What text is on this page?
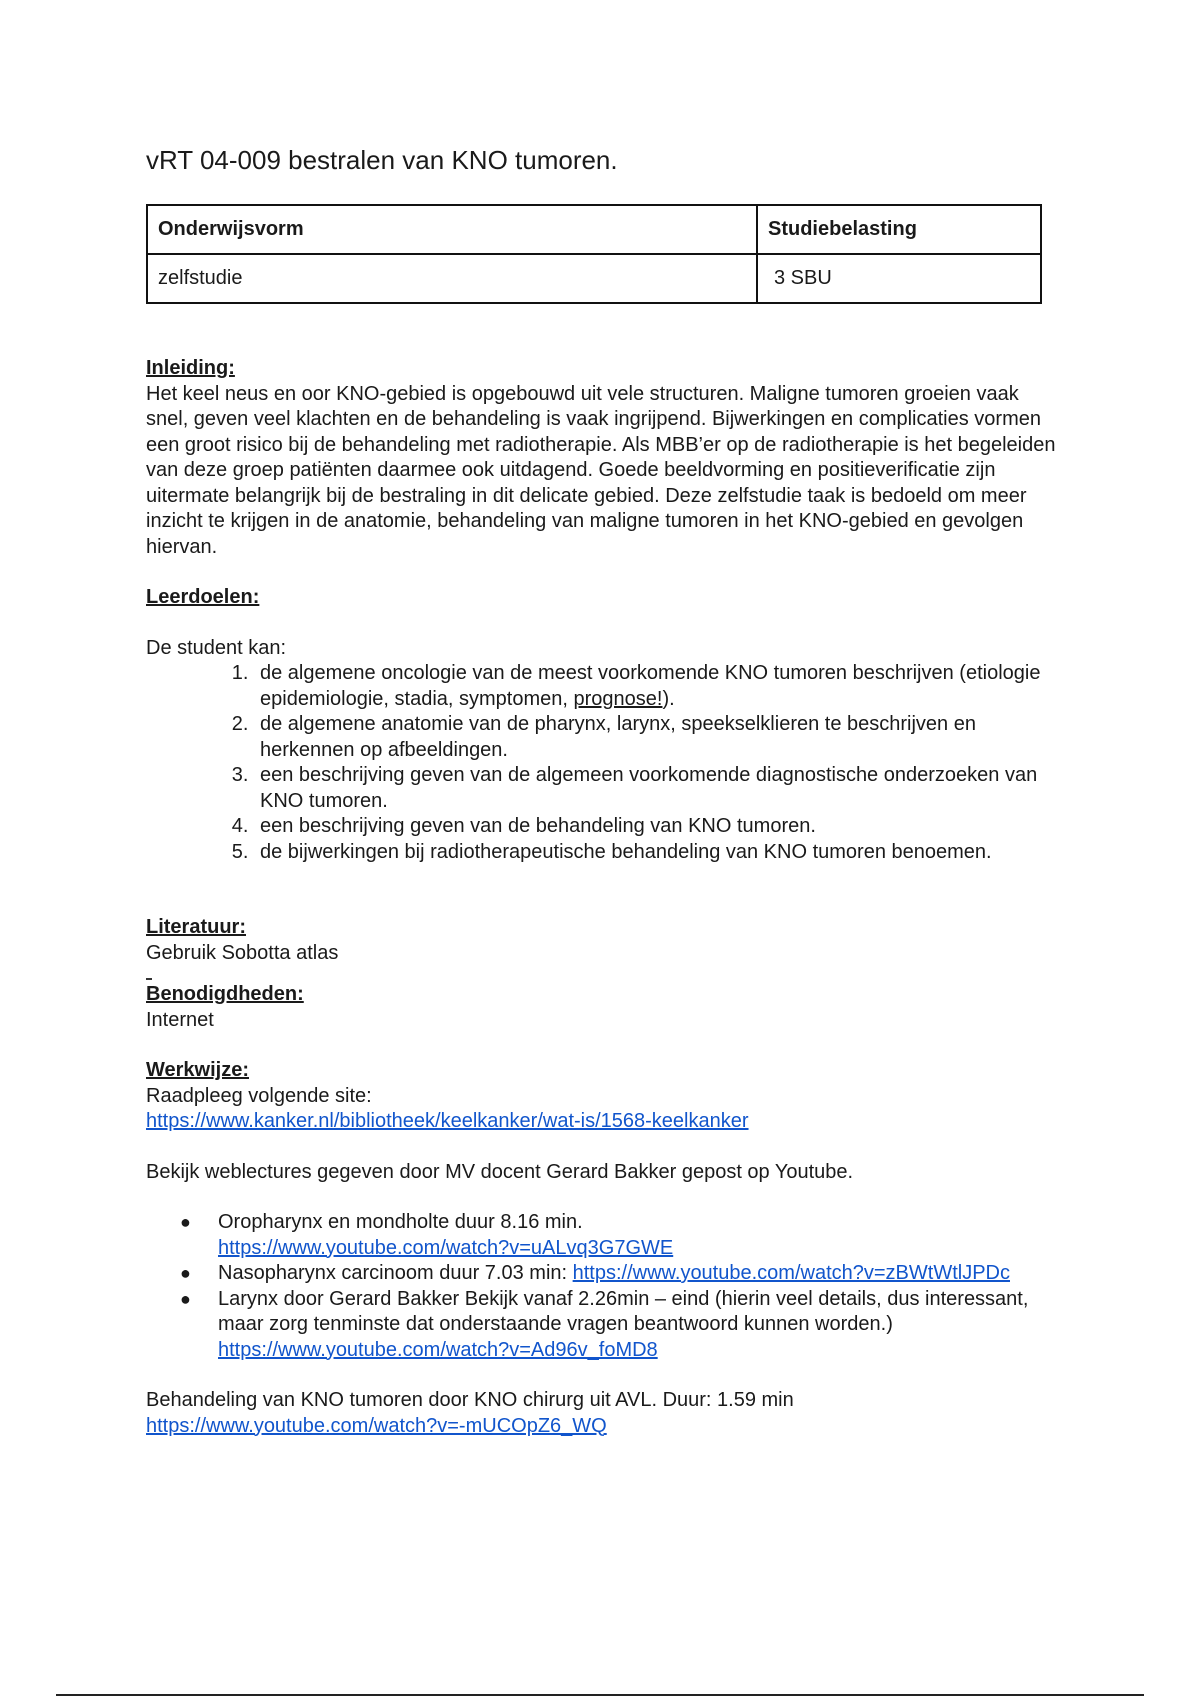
vRT 04-009 bestralen van KNO tumoren.
Onderwijsvorm	Studiebelasting
zelfstudie	3 SBU
Inleiding:

Het keel neus en oor KNO-gebied is opgebouwd uit vele structuren. Maligne tumoren groeien vaak snel, geven veel klachten en de behandeling is vaak ingrijpend. Bijwerkingen en complicaties vormen een groot risico bij de behandeling met radiotherapie. Als MBB’er op de radiotherapie is het begeleiden van deze groep patiënten daarmee ook uitdagend. Goede beeldvorming en positieverificatie zijn uitermate belangrijk bij de bestraling in dit delicate gebied. Deze zelfstudie taak is bedoeld om meer inzicht te krijgen in de anatomie, behandeling van maligne tumoren in het KNO-gebied en gevolgen hiervan.

Leerdoelen:

De student kan:

1. de algemene oncologie van de meest voorkomende KNO tumoren beschrijven (etiologie epidemiologie, stadia, symptomen, prognose!).
2. de algemene anatomie van de pharynx, larynx, speekselklieren te beschrijven en herkennen op afbeeldingen.
3. een beschrijving geven van de algemeen voorkomende diagnostische onderzoeken van KNO tumoren.
4. een beschrijving geven van de behandeling van KNO tumoren.
5. de bijwerkingen bij radiotherapeutische behandeling van KNO tumoren benoemen.
Literatuur:

Gebruik Sobotta atlas

Benodigdheden:

Internet

Werkwijze:

Raadpleeg volgende site:

https://www.kanker.nl/bibliotheek/keelkanker/wat-is/1568-keelkanker

Bekijk weblectures gegeven door MV docent Gerard Bakker gepost op Youtube.

● Oropharynx en mondholte duur 8.16 min.
https://www.youtube.com/watch?v=uALvq3G7GWE
● Nasopharynx carcinoom duur 7.03 min: https://www.youtube.com/watch?v=zBWtWtlJPDc
● Larynx door Gerard Bakker Bekijk vanaf 2.26min – eind (hierin veel details, dus interessant, maar zorg tenminste dat onderstaande vragen beantwoord kunnen worden.) https://www.youtube.com/watch?v=Ad96v_foMD8

Behandeling van KNO tumoren door KNO chirurg uit AVL. Duur: 1.59 min

https://www.youtube.com/watch?v=-mUCOpZ6_WQ
